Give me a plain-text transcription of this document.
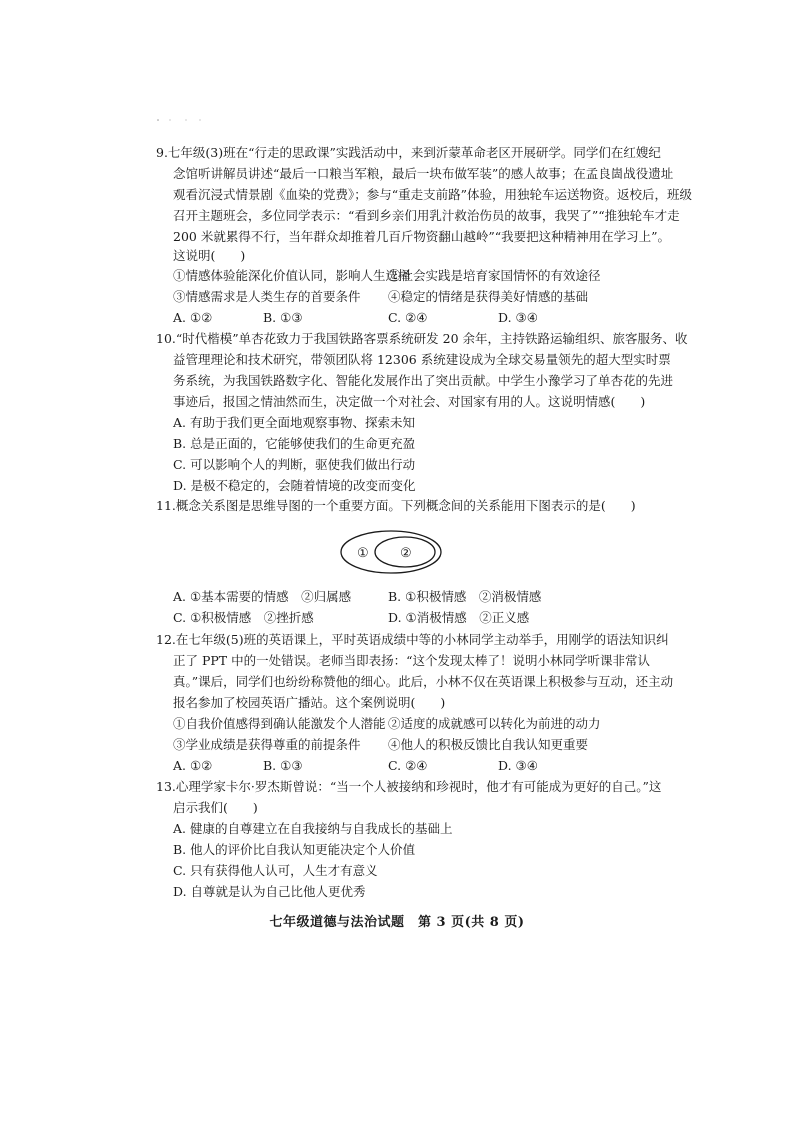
9.七年级(3)班在“行走的思政课”实践活动中，来到沂蒙革命老区开展研学。同学们在红嫂纪
念馆听讲解员讲述“最后一口粮当军粮，最后一块布做军装”的感人故事；在孟良崮战役遗址
观看沉浸式情景剧《血染的党费》；参与“重走支前路”体验，用独轮车运送物资。返校后，班级
召开主题班会，多位同学表示：“看到乡亲们用乳汁救治伤员的故事，我哭了”“推独轮车才走
200 米就累得不行，当年群众却推着几百斤物资翻山越岭”“我要把这种精神用在学习上”。
这说明(　　)
①情感体验能深化价值认同，影响人生选择
②社会实践是培育家国情怀的有效途径
③情感需求是人类生存的首要条件 ④稳定的情绪是获得美好情感的基础
A. ①②	B. ①③	C. ②④	D. ③④
10.“时代楷模”单杏花致力于我国铁路客票系统研发 20 余年，主持铁路运输组织、旅客服务、收
益管理理论和技术研究，带领团队将 12306 系统建设成为全球交易量领先的超大型实时票
务系统，为我国铁路数字化、智能化发展作出了突出贡献。中学生小豫学习了单杏花的先进
事迹后，报国之情油然而生，决定做一个对社会、对国家有用的人。这说明情感(　　)
A. 有助于我们更全面地观察事物、探索未知
B. 总是正面的，它能够使我们的生命更充盈
C. 可以影响个人的判断，驱使我们做出行动
D. 是极不稳定的，会随着情境的改变而变化
11.概念关系图是思维导图的一个重要方面。下列概念间的关系能用下图表示的是(　　)
① ②
A. ①基本需要的情感　②归属感	B. ①积极情感　②消极情感
C. ①积极情感　②挫折感	D. ①消极情感　②正义感
12.在七年级(5)班的英语课上，平时英语成绩中等的小林同学主动举手，用刚学的语法知识纠
正了 PPT 中的一处错误。老师当即表扬：“这个发现太棒了！说明小林同学听课非常认
真。”课后，同学们也纷纷称赞他的细心。此后，小林不仅在英语课上积极参与互动，还主动
报名参加了校园英语广播站。这个案例说明(　　)
①自我价值感得到确认能激发个人潜能 ②适度的成就感可以转化为前进的动力
③学业成绩是获得尊重的前提条件 ④他人的积极反馈比自我认知更重要
A. ①②	B. ①③	C. ②④	D. ③④
13.心理学家卡尔·罗杰斯曾说：“当一个人被接纳和珍视时，他才有可能成为更好的自己。”这
启示我们(　　)
A. 健康的自尊建立在自我接纳与自我成长的基础上
B. 他人的评价比自我认知更能决定个人价值
C. 只有获得他人认可，人生才有意义
D. 自尊就是认为自己比他人更优秀
七年级道德与法治试题　第 3 页(共 8 页)
